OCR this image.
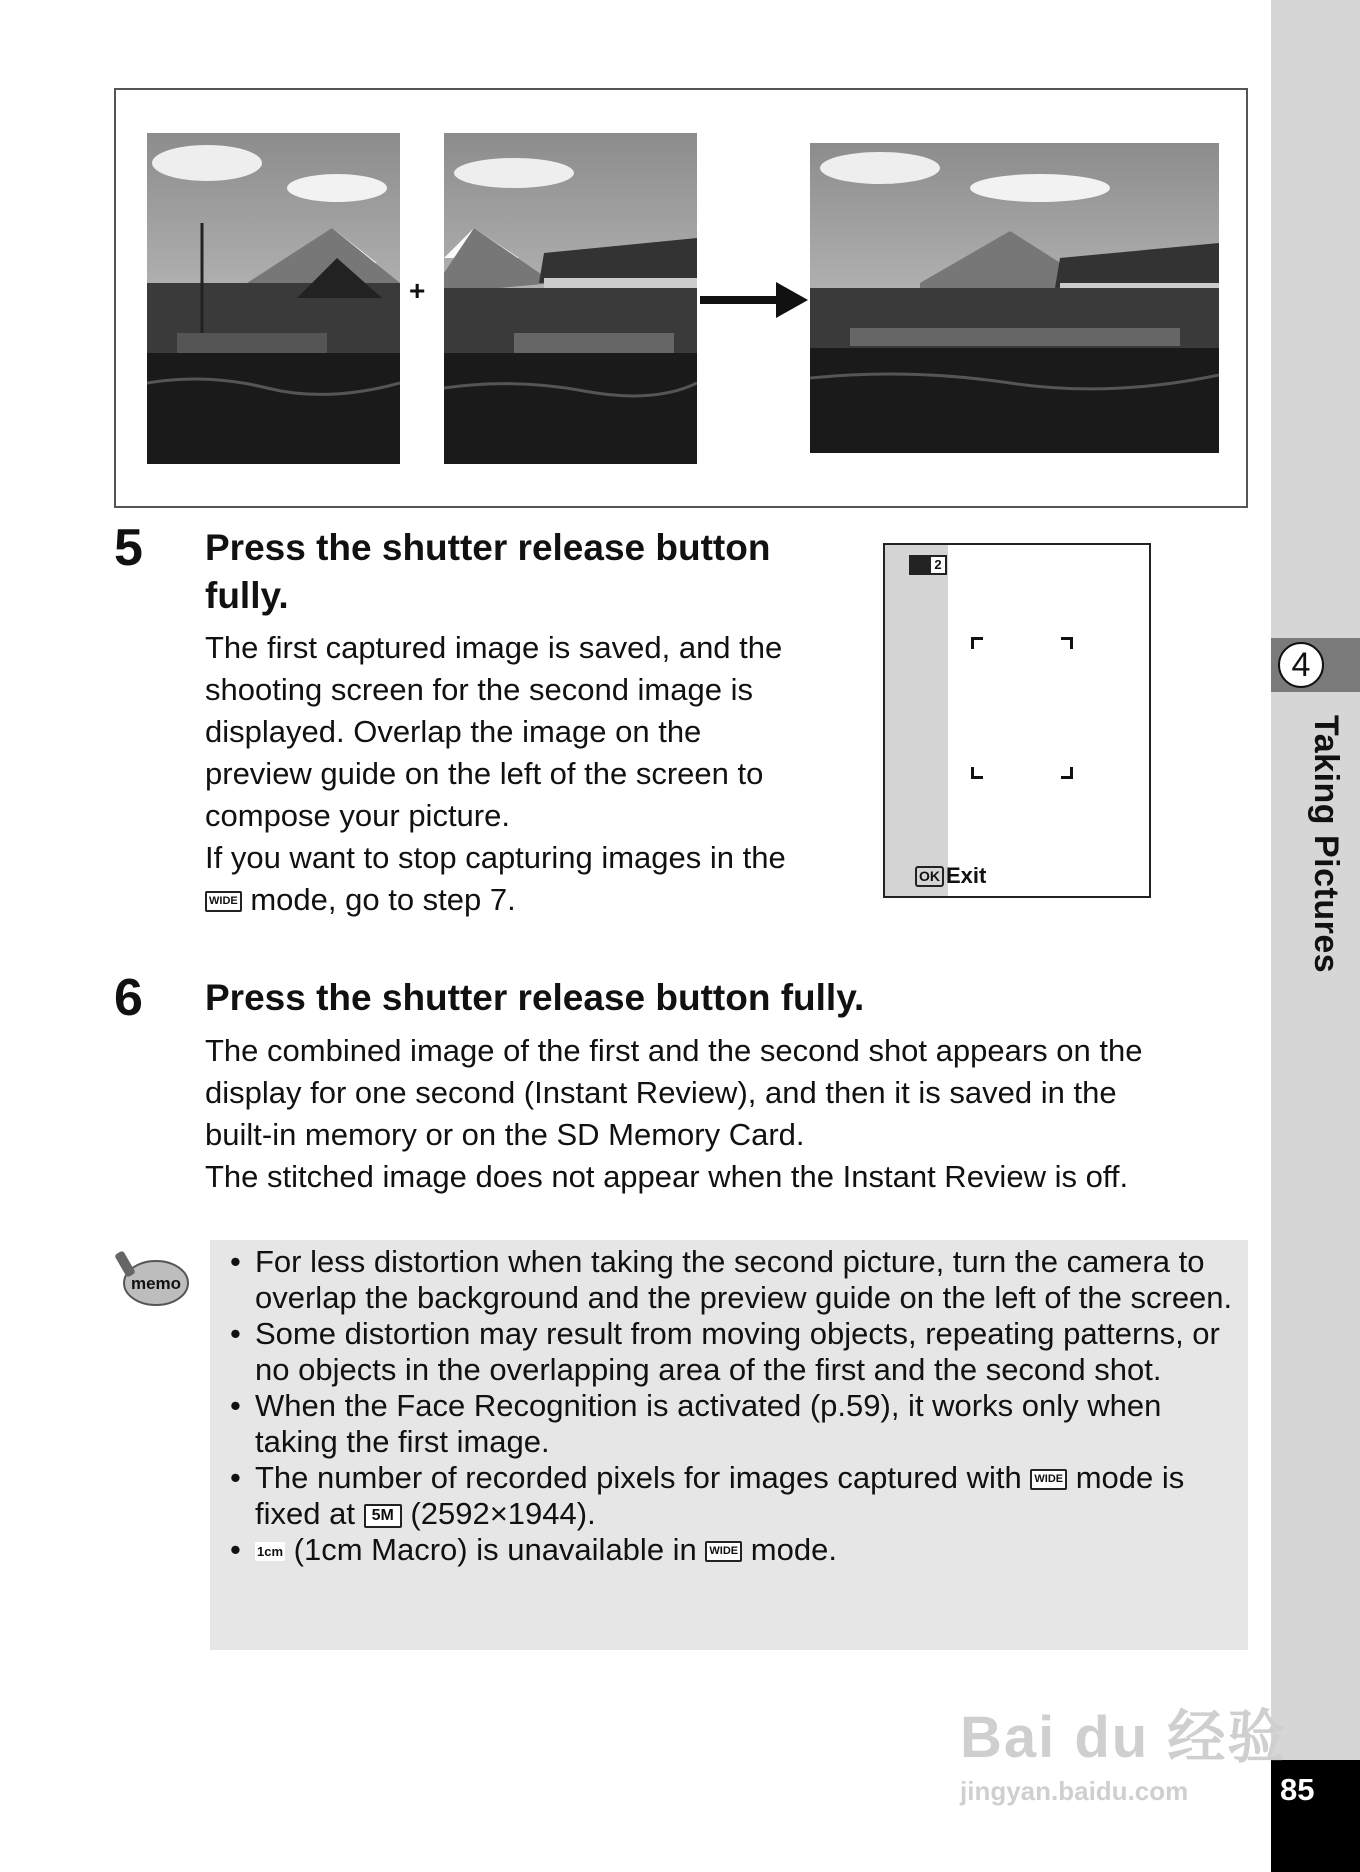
4
Taking Pictures
85
+
5 Press the shutter release button fully.
The first captured image is saved, and the
shooting screen for the second image is
displayed. Overlap the image on the
preview guide on the left of the screen to
compose your picture.
If you want to stop capturing images in the
WIDE mode, go to step 7.
2
OK Exit
6 Press the shutter release button fully.
The combined image of the first and the second shot appears on the
display for one second (Instant Review), and then it is saved in the
built-in memory or on the SD Memory Card.
The stitched image does not appear when the Instant Review is off.
memo
• For less distortion when taking the second picture, turn the camera to overlap the background and the preview guide on the left of the screen.
• Some distortion may result from moving objects, repeating patterns, or no objects in the overlapping area of the first and the second shot.
• When the Face Recognition is activated (p.59), it works only when taking the first image.
• The number of recorded pixels for images captured with WIDE mode is fixed at 5M (2592×1944).
• 1cm (1cm Macro) is unavailable in WIDE mode.
Bai du 经验
jingyan.baidu.com
